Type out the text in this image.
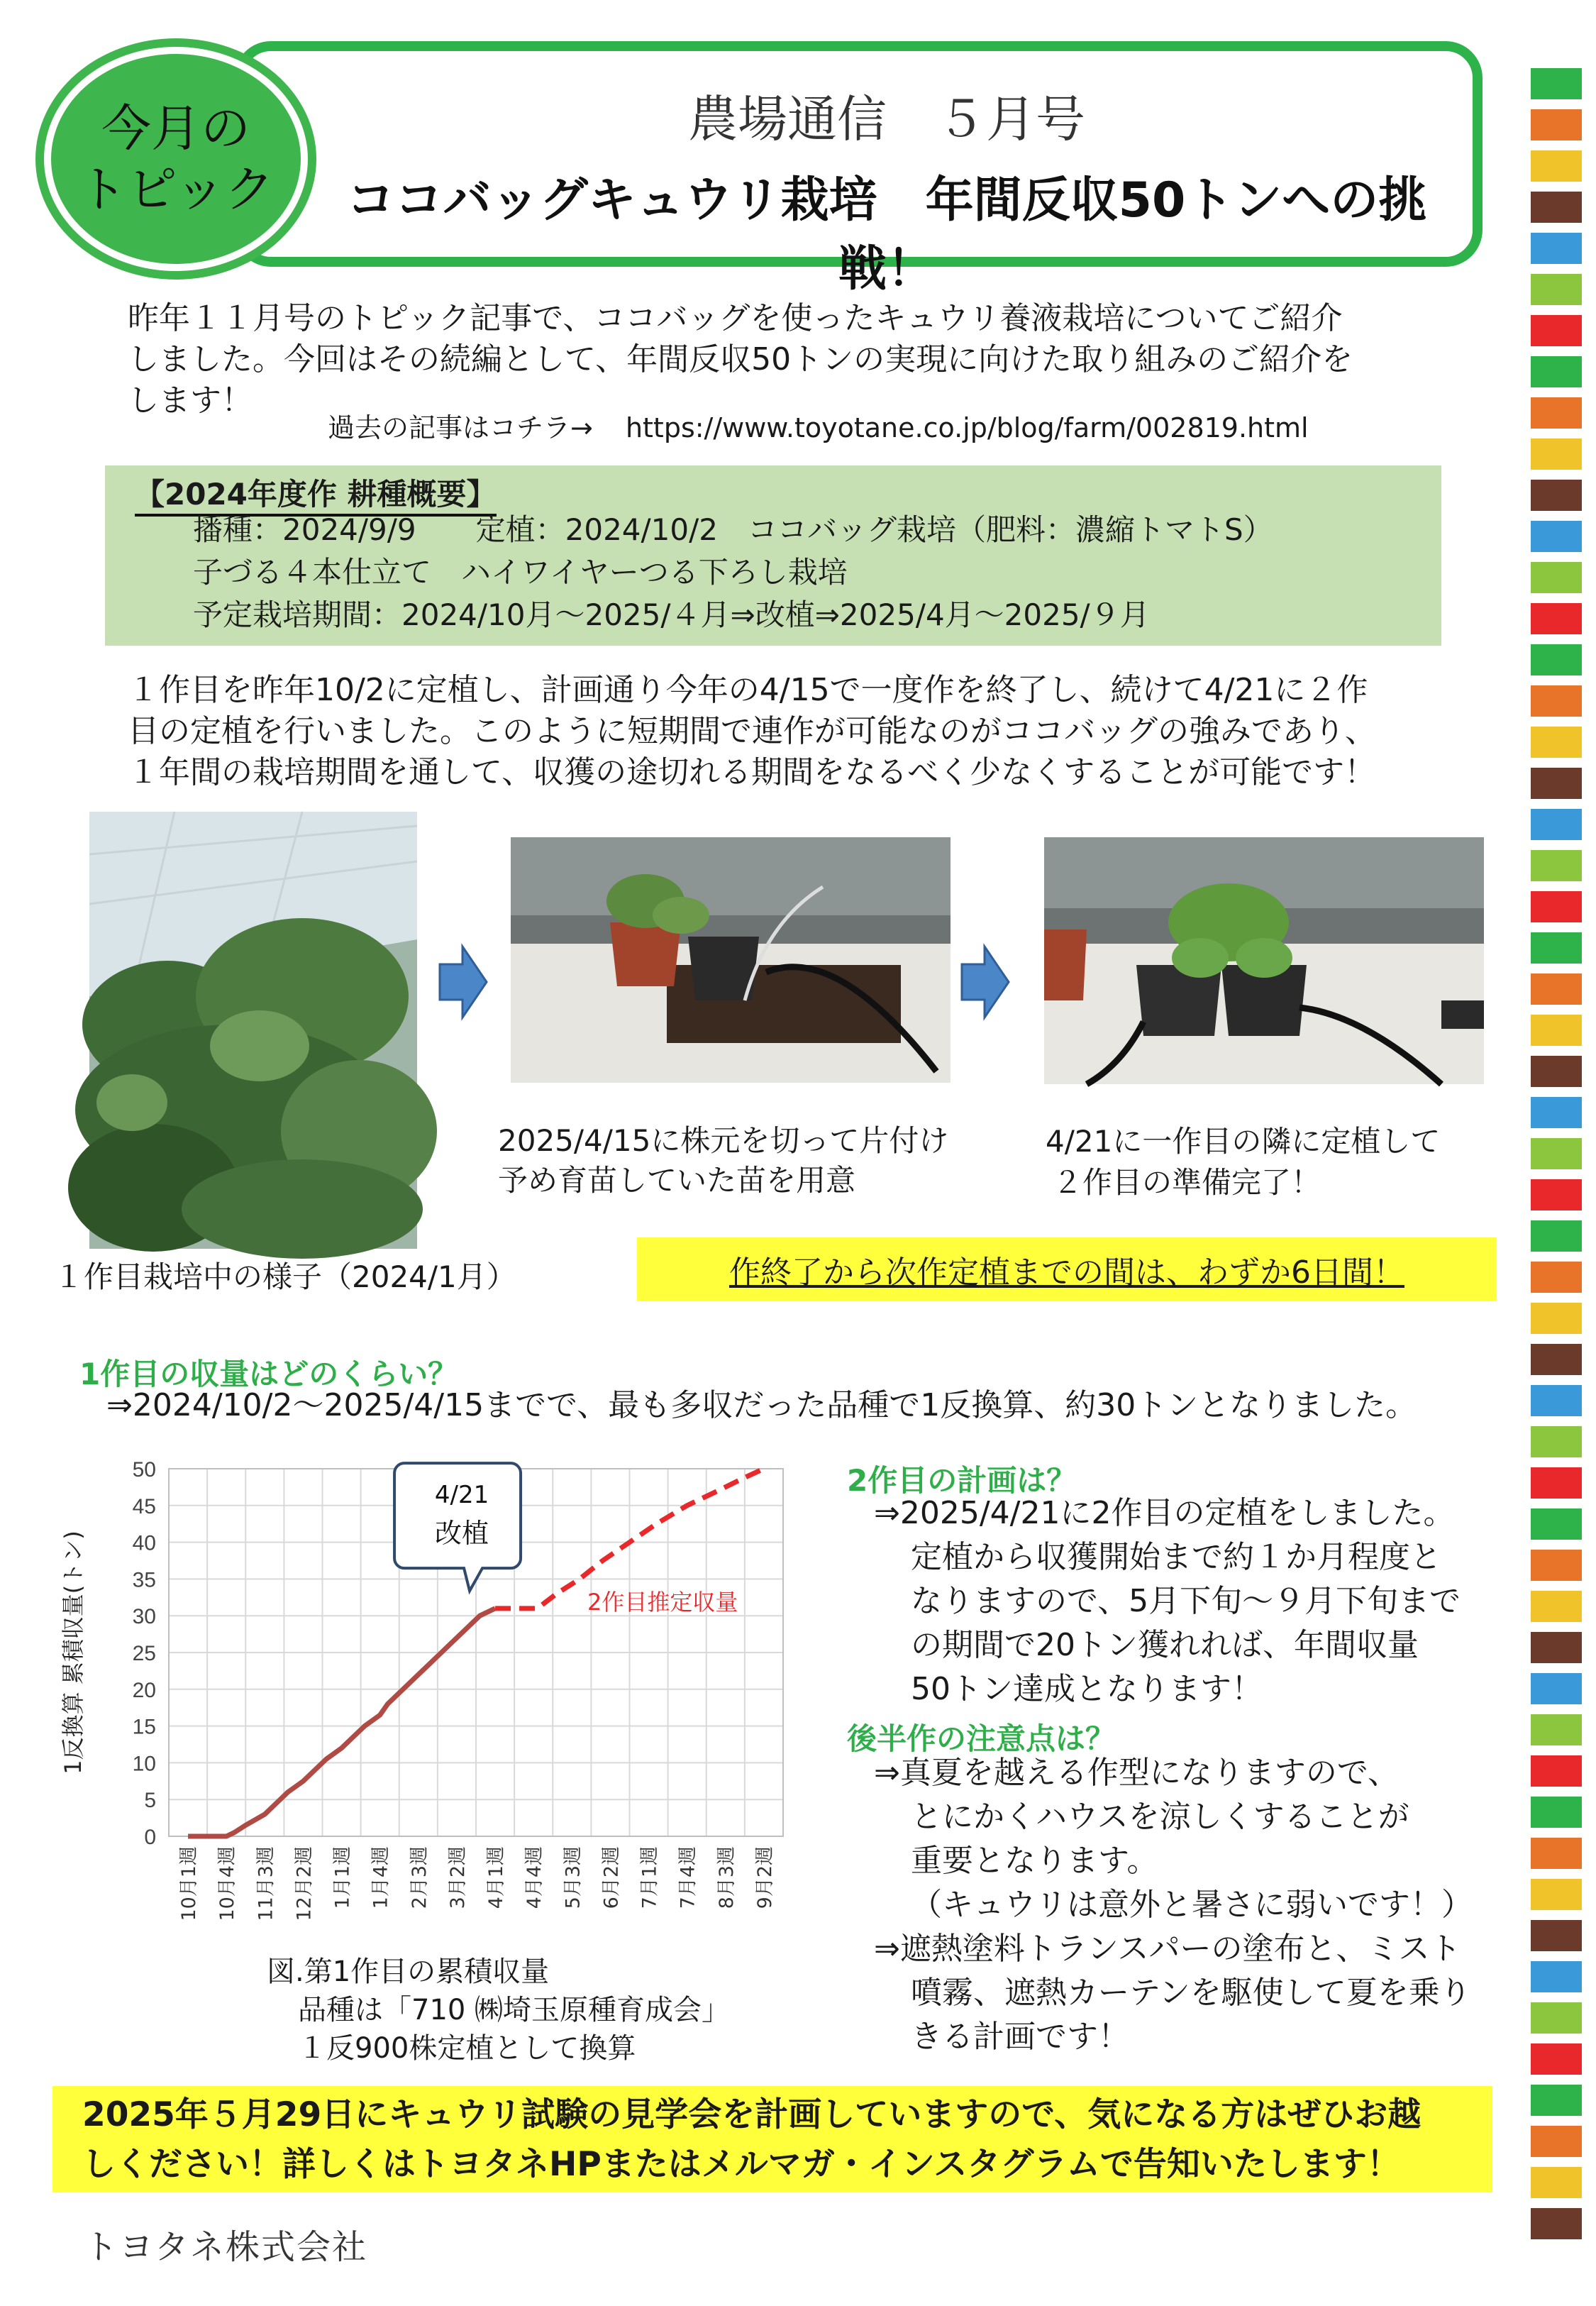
今月の
トピック
農場通信　５月号
ココバッグキュウリ栽培　年間反収50トンへの挑戦！
昨年１１月号のトピック記事で、ココバッグを使ったキュウリ養液栽培についてご紹介
しました。今回はその続編として、年間反収50トンの実現に向けた取り組みのご紹介を
します！
過去の記事はコチラ→ https://www.toyotane.co.jp/blog/farm/002819.html
【2024年度作 耕種概要】
播種：2024/9/9　　定植：2024/10/2　ココバッグ栽培（肥料：濃縮トマトS）
子づる４本仕立て　ハイワイヤーつる下ろし栽培
予定栽培期間：2024/10月～2025/４月⇒改植⇒2025/4月～2025/９月
１作目を昨年10/2に定植し、計画通り今年の4/15で一度作を終了し、続けて4/21に２作
目の定植を行いました。このように短期間で連作が可能なのがココバッグの強みであり、
１年間の栽培期間を通して、収獲の途切れる期間をなるべく少なくすることが可能です！
１作目栽培中の様子（2024/1月）
2025/4/15に株元を切って片付け
予め育苗していた苗を用意
4/21に一作目の隣に定植して
２作目の準備完了！
作終了から次作定植までの間は、わずか6日間！
1作目の収量はどのくらい？
⇒2024/10/2～2025/4/15までで、最も多収だった品種で1反換算、約30トンとなりました。
0
5
10
15
20
25
30
35
40
45
50
10月1週 10月4週 11月3週 12月2週 1月1週 1月4週 2月3週 3月2週 4月1週 4月4週 5月3週 6月2週 7月1週 7月4週 8月3週 9月2週
1反換算 累積収量(トン)
4/21
改植
2作目推定収量
図.第1作目の累積収量
品種は「710 ㈱埼玉原種育成会」
１反900株定植として換算
2作目の計画は？
⇒2025/4/21に2作目の定植をしました。
定植から収獲開始まで約１か月程度と
なりますので、5月下旬～９月下旬まで
の期間で20トン獲れれば、年間収量
50トン達成となります！
後半作の注意点は？
⇒真夏を越える作型になりますので、
とにかくハウスを涼しくすることが
重要となります。
（キュウリは意外と暑さに弱いです！）
⇒遮熱塗料トランスパーの塗布と、ミスト
噴霧、遮熱カーテンを駆使して夏を乗り
きる計画です！
2025年５月29日にキュウリ試験の見学会を計画していますので、気になる方はぜひお越
しください！詳しくはトヨタネHPまたはメルマガ・インスタグラムで告知いたします！
トヨタネ株式会社
